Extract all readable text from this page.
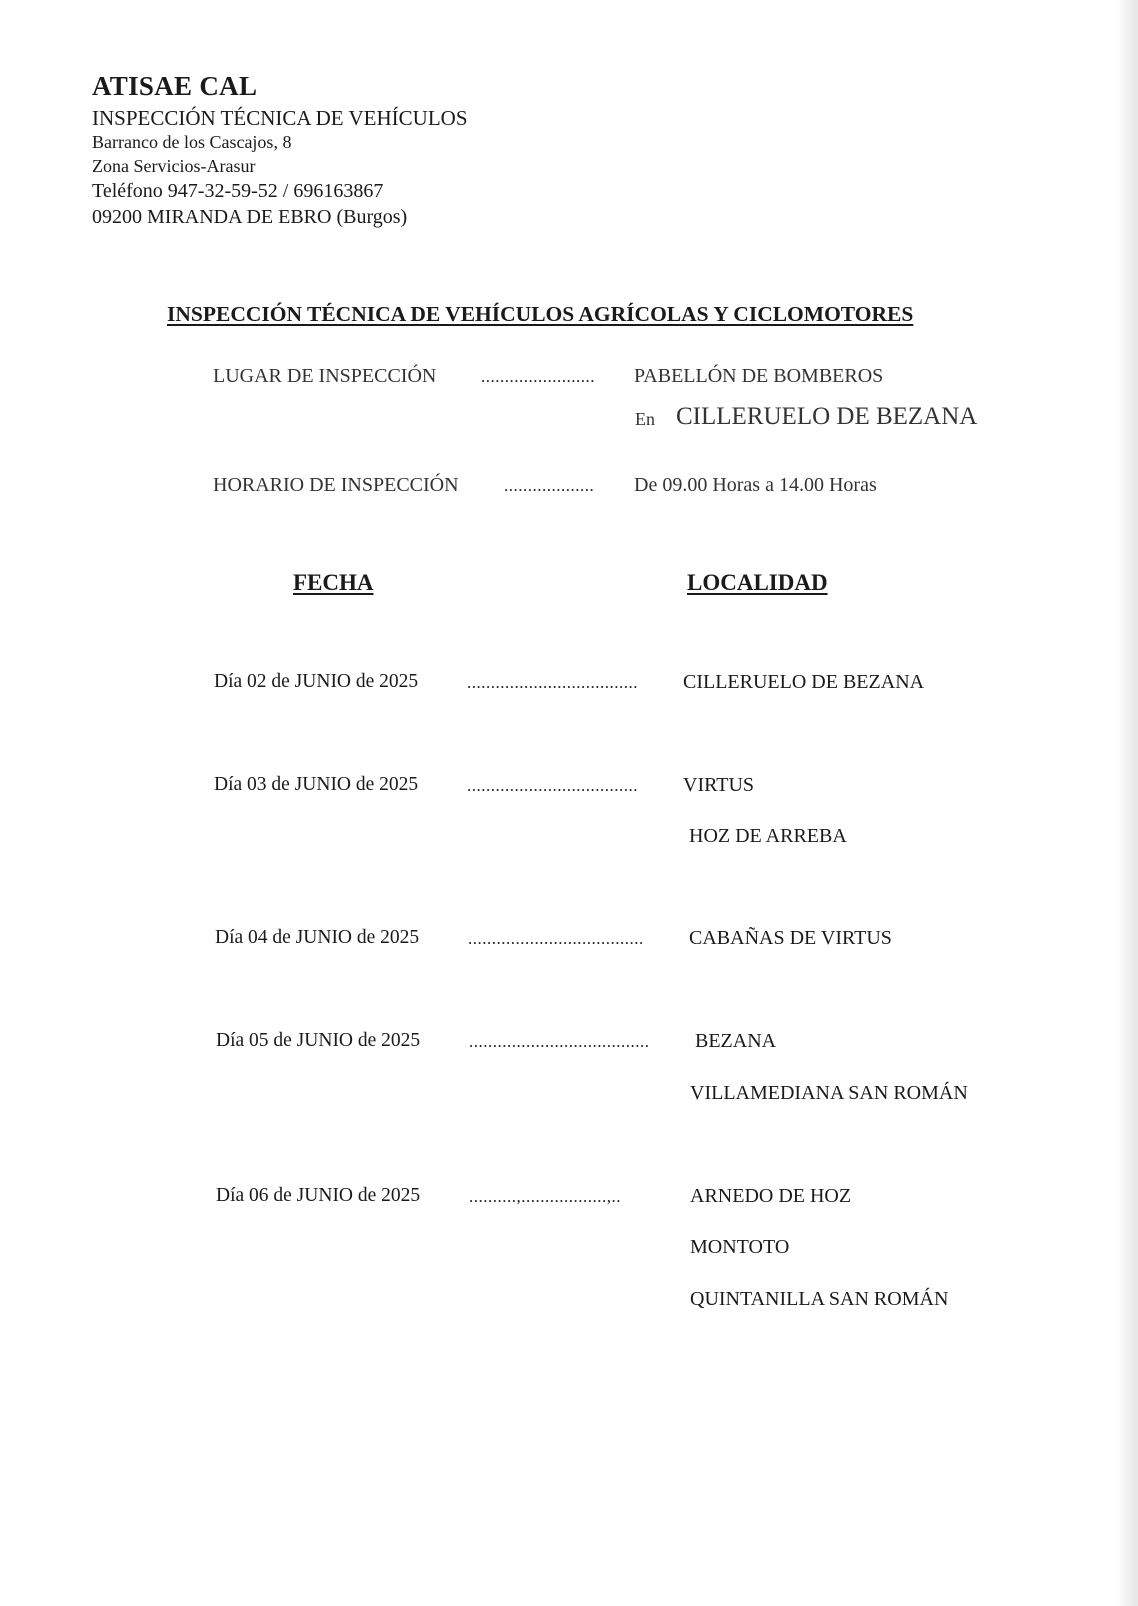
ATISAE CAL
INSPECCIÓN TÉCNICA DE VEHÍCULOS
Barranco de los Cascajos, 8
Zona Servicios-Arasur
Teléfono 947-32-59-52 / 696163867
09200 MIRANDA DE EBRO (Burgos)
INSPECCIÓN TÉCNICA DE VEHÍCULOS AGRÍCOLAS Y CICLOMOTORES
LUGAR DE INSPECCIÓN	........................ PABELLÓN DE BOMBEROS
En CILLERUELO DE BEZANA
HORARIO DE INSPECCIÓN	................... De 09.00 Horas a 14.00 Horas
FECHA	LOCALIDAD
Día 02 de JUNIO de 2025	.................................... CILLERUELO DE BEZANA
Día 03 de JUNIO de 2025	.................................... VIRTUS
HOZ DE ARREBA
Día 04 de JUNIO de 2025	..................................... CABAÑAS DE VIRTUS
Día 05 de JUNIO de 2025	...................................... BEZANA
VILLAMEDIANA SAN ROMÁN
Día 06 de JUNIO de 2025	..........,..................,..	ARNEDO DE HOZ
MONTOTO
QUINTANILLA SAN ROMÁN
